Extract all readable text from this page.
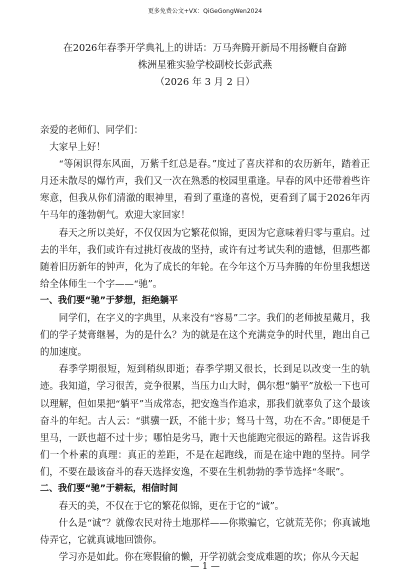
更多免费公文+VX：QiGeGongWen2024
在2026年春季开学典礼上的讲话：万马奔腾开新局不用扬鞭自奋蹄
株洲星雅实验学校副校长彭武燕
（2026 年 3 月 2 日）

亲爱的老师们、同学们：

大家早上好！

“等闲识得东风面，万紫千红总是春。”度过了喜庆祥和的农历新年，踏着正月还未散尽的爆竹声，我们又一次在熟悉的校园里重逢。早春的风中还带着些许寒意，但我从你们清澈的眼神里，看到了重逢的喜悦，更看到了属于2026年丙午马年的蓬勃朝气。欢迎大家回家！

春天之所以美好，不仅仅因为它繁花似锦，更因为它意味着归零与重启。过去的半年，我们或许有过挑灯夜战的坚持，或许有过考试失利的遗憾，但那些都随着旧历新年的钟声，化为了成长的年轮。在今年这个万马奔腾的年份里我想送给全体师生一个字——“驰”。

一、我们要“驰”于梦想，拒绝躺平

同学们，在字义的字典里，从来没有“容易”二字。我们的老师披星戴月，我们的学子焚膏继晷，为的是什么？为的就是在这个充满竞争的时代里，跑出自己的加速度。

春季学期很短，短到稍纵即逝；春季学期又很长，长到足以改变一生的轨迹。我知道，学习很苦，竞争很累，当压力山大时，偶尔想“躺平”放松一下也可以理解，但如果把“躺平”当成常态，把安逸当作追求，那我们就辜负了这个最该奋斗的年纪。古人云：“骐骥一跃，不能十步；驽马十驾，功在不舍。”即便是千里马，一跃也超不过十步；哪怕是劣马，跑十天也能跑完很远的路程。这告诉我们一个朴素的真理：真正的差距，不是在起跑线，而是在途中跑的坚持。同学们，不要在最该奋斗的春天选择安逸，不要在生机勃勃的季节选择“冬眠”。

二、我们要“驰”于耕耘，相信时间

春天的美，不仅在于它的繁花似锦，更在于它的“诚”。

什么是“诚”？就像农民对待土地那样——你欺骗它，它就荒芜你；你真诚地侍弄它，它就真诚地回馈你。

学习亦是如此。你在寒假偷的懒，开学初就会变成难题的坎；你从今天起

— 1 —
